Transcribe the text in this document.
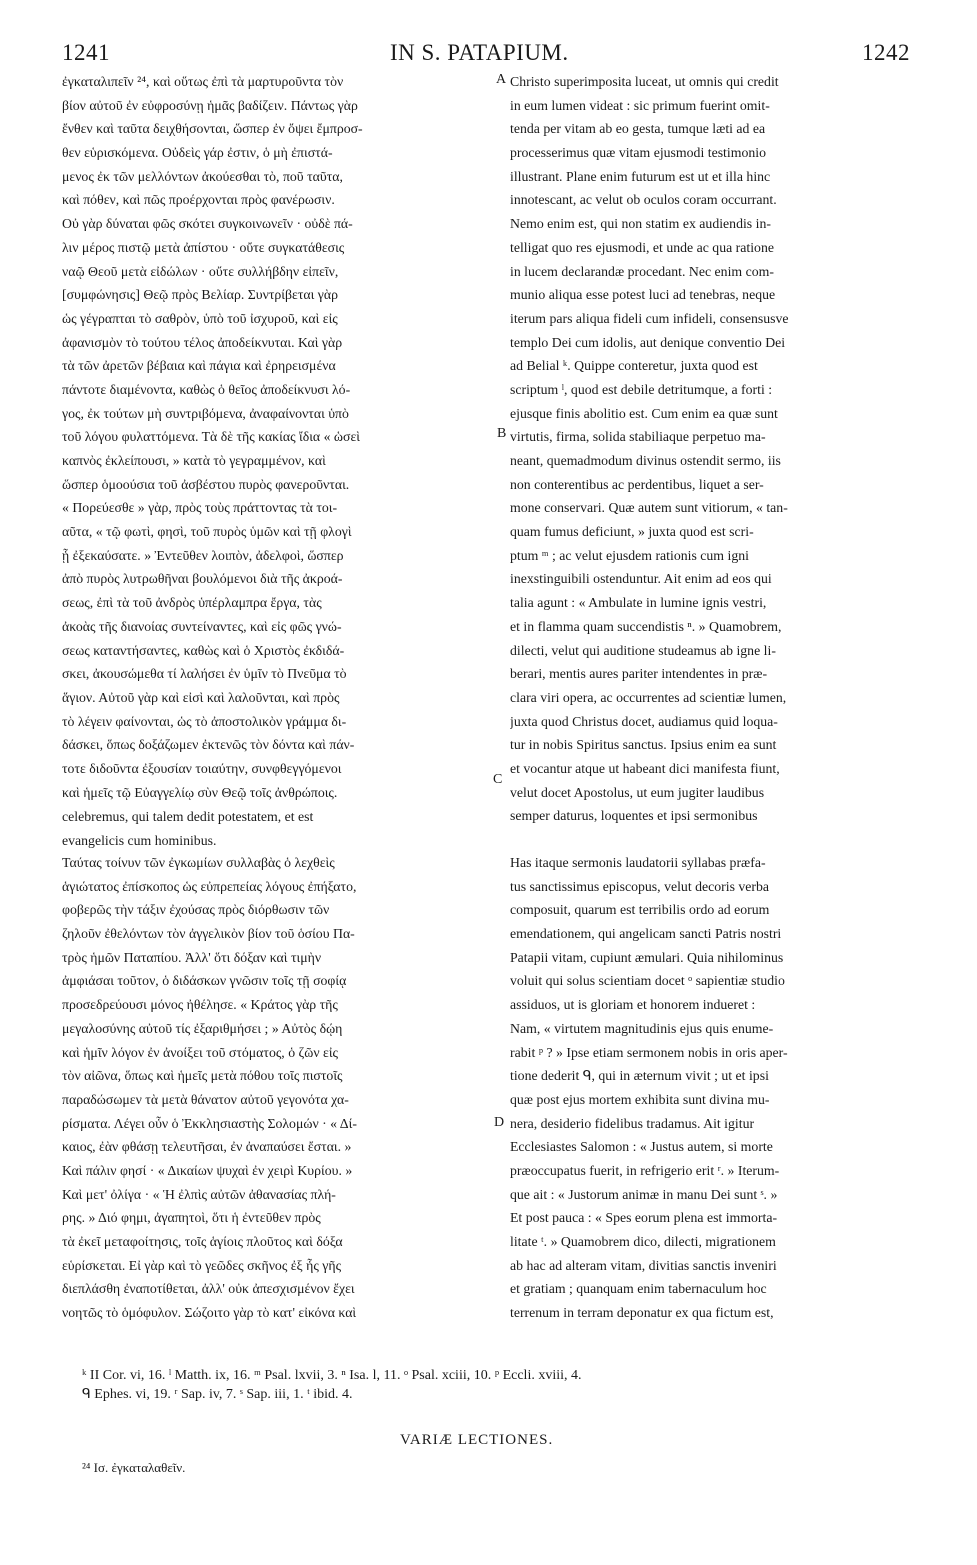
1241	IN S. PATAPIUM.	1242
ἐγκαταλιπεῖν ²⁴, καὶ οὕτως ἐπὶ τὰ μαρτυροῦντα τὸν
βίον αὐτοῦ ἐν εὐφροσύνῃ ἡμᾶς βαδίζειν. Πάντως γὰρ
ἔνθεν καὶ ταῦτα δειχθήσονται, ὥσπερ ἐν ὄψει ἔμπροσ-
θεν εὑρισκόμενα. Οὐδεὶς γάρ ἐστιν, ὁ μὴ ἐπιστά-
μενος ἐκ τῶν μελλόντων ἀκούεσθαι τὸ, ποῦ ταῦτα,
καὶ πόθεν, καὶ πῶς προέρχονται πρὸς φανέρωσιν.
Οὐ γὰρ δύναται φῶς σκότει συγκοινωνεῖν · οὐδὲ πά-
λιν μέρος πιστῷ μετὰ ἀπίστου · οὔτε συγκατάθεσις
ναῷ Θεοῦ μετὰ εἰδώλων · οὔτε συλλήβδην εἰπεῖν,
[συμφώνησις] Θεῷ πρὸς Βελίαρ. Συντρίβεται γὰρ
ὡς γέγραπται τὸ σαθρὸν, ὑπὸ τοῦ ἰσχυροῦ, καὶ εἰς
ἀφανισμὸν τὸ τούτου τέλος ἀποδείκνυται. Καὶ γὰρ
τὰ τῶν ἀρετῶν βέβαια καὶ πάγια καὶ ἐρηρεισμένα
πάντοτε διαμένοντα, καθὼς ὁ θεῖος ἀποδείκνυσι λό-
γος, ἐκ τούτων μὴ συντριβόμενα, ἀναφαίνονται ὑπὸ
τοῦ λόγου φυλαττόμενα. Τὰ δὲ τῆς κακίας ἴδια « ὡσεὶ
καπνὸς ἐκλείπουσι, » κατὰ τὸ γεγραμμένον, καὶ
ὥσπερ ὁμοούσια τοῦ ἀσβέστου πυρὸς φανεροῦνται.
« Πορεύεσθε » γὰρ, πρὸς τοὺς πράττοντας τὰ τοι-
αῦτα, « τῷ φωτὶ, φησὶ, τοῦ πυρὸς ὑμῶν καὶ τῇ φλογὶ
ᾗ ἐξεκαύσατε. » Ἐντεῦθεν λοιπὸν, ἀδελφοὶ, ὥσπερ
ἀπὸ πυρὸς λυτρωθῆναι βουλόμενοι διὰ τῆς ἀκροά-
σεως, ἐπὶ τὰ τοῦ ἀνδρὸς ὑπέρλαμπρα ἔργα, τὰς
ἀκοὰς τῆς διανοίας συντείναντες, καὶ εἰς φῶς γνώ-
σεως καταντήσαντες, καθὼς καὶ ὁ Χριστὸς ἐκδιδά-
σκει, ἀκουσώμεθα τί λαλήσει ἐν ὑμῖν τὸ Πνεῦμα τὸ
ἅγιον. Αὐτοῦ γὰρ καὶ εἰσὶ καὶ λαλοῦνται, καὶ πρὸς
τὸ λέγειν φαίνονται, ὡς τὸ ἀποστολικὸν γράμμα δι-
δάσκει, ὅπως δοξάζωμεν ἐκτενῶς τὸν δόντα καὶ πάν-
τοτε διδοῦντα ἐξουσίαν τοιαύτην, συνφθεγγόμενοι
καὶ ἡμεῖς τῷ Εὐαγγελίῳ σὺν Θεῷ τοῖς ἀνθρώποις.
Christo superimposita luceat, ut omnis qui credit
in eum lumen videat : sic primum fuerint omit-
tenda per vitam ab eo gesta, tumque læti ad ea
processerimus quæ vitam ejusmodi testimonio
illustrant. Plane enim futurum est ut et illa hinc
innotescant, ac velut ob oculos coram occurrant.
Nemo enim est, qui non statim ex audiendis in-
telligat quo res ejusmodi, et unde ac qua ratione
in lucem declarandæ procedant. Nec enim com-
munio aliqua esse potest luci ad tenebras, neque
iterum pars aliqua fideli cum infideli, consensusve
templo Dei cum idolis, aut denique conventio Dei
ad Belial ᵏ. Quippe conteretur, juxta quod est
scriptum ˡ, quod est debile detritumque, a forti :
ejusque finis abolitio est. Cum enim ea quæ sunt
virtutis, firma, solida stabiliaque perpetuo ma-
neant, quemadmodum divinus ostendit sermo, iis
non conterentibus ac perdentibus, liquet a ser-
mone conservari. Quæ autem sunt vitiorum, « tan-
quam fumus deficiunt, » juxta quod est scri-
ptum ᵐ ; ac velut ejusdem rationis cum igni
inexstinguibili ostenduntur. Ait enim ad eos qui
talia agunt : « Ambulate in lumine ignis vestri,
et in flamma quam succendistis ⁿ. » Quamobrem,
dilecti, velut qui auditione studeamus ab igne li-
berari, mentis aures pariter intendentes in præ-
clara viri opera, ac occurrentes ad scientiæ lumen,
juxta quod Christus docet, audiamus quid loqua-
tur in nobis Spiritus sanctus. Ipsius enim ea sunt
et vocantur atque ut habeant dici manifesta fiunt,
velut docet Apostolus, ut eum jugiter laudibus
semper daturus, loquentes et ipsi sermonibus
celebremus, qui talem dedit potestatem, et est
evangelicis cum hominibus.
Ταύτας τοίνυν τῶν ἐγκωμίων συλλαβὰς ὁ λεχθεὶς
ἁγιώτατος ἐπίσκοπος ὡς εὐπρεπείας λόγους ἐπήξατο,
φοβερῶς τὴν τάξιν ἐχούσας πρὸς διόρθωσιν τῶν
ζηλοῦν ἐθελόντων τὸν ἀγγελικὸν βίον τοῦ ὁσίου Πα-
τρὸς ἡμῶν Παταπίου. Ἀλλ' ὅτι δόξαν καὶ τιμὴν
ἀμφιάσαι τοῦτον, ὁ διδάσκων γνῶσιν τοῖς τῇ σοφίᾳ
προσεδρεύουσι μόνος ἠθέλησε. « Κράτος γὰρ τῆς
μεγαλοσύνης αὐτοῦ τίς ἐξαριθμήσει ; » Αὐτὸς δῴη
καὶ ἡμῖν λόγον ἐν ἀνοίξει τοῦ στόματος, ὁ ζῶν εἰς
τὸν αἰῶνα, ὅπως καὶ ἡμεῖς μετὰ πόθου τοῖς πιστοῖς
παραδώσωμεν τὰ μετὰ θάνατον αὐτοῦ γεγονότα χα-
ρίσματα. Λέγει οὖν ὁ Ἐκκλησιαστὴς Σολομών · « Δί-
καιος, ἐὰν φθάσῃ τελευτῆσαι, ἐν ἀναπαύσει ἔσται. »
Καὶ πάλιν φησί · « Δικαίων ψυχαὶ ἐν χειρὶ Κυρίου. »
Καὶ μετ' ὀλίγα · « Ἡ ἐλπὶς αὐτῶν ἀθανασίας πλή-
ρης. » Διό φημι, ἀγαπητοὶ, ὅτι ἡ ἐντεῦθεν πρὸς
τὰ ἐκεῖ μεταφοίτησις, τοῖς ἁγίοις πλοῦτος καὶ δόξα
εὑρίσκεται. Εἰ γὰρ καὶ τὸ γεῶδες σκῆνος ἐξ ἧς γῆς
διεπλάσθη ἐναποτίθεται, ἀλλ' οὐκ ἀπεσχισμένον ἔχει
νοητῶς τὸ ὁμόφυλον. Σώζοιτο γὰρ τὸ κατ' εἰκόνα καὶ
Has itaque sermonis laudatorii syllabas præfa-
tus sanctissimus episcopus, velut decoris verba
composuit, quarum est terribilis ordo ad eorum
emendationem, qui angelicam sancti Patris nostri
Patapii vitam, cupiunt æmulari. Quia nihilominus
voluit qui solus scientiam docet ᵒ sapientiæ studio
assiduos, ut is gloriam et honorem indueret :
Nam, « virtutem magnitudinis ejus quis enume-
rabit ᵖ ? » Ipse etiam sermonem nobis in oris aper-
tione dederit ᑫ, qui in æternum vivit ; ut et ipsi
quæ post ejus mortem exhibita sunt divina mu-
nera, desiderio fidelibus tradamus. Ait igitur
Ecclesiastes Salomon : « Justus autem, si morte
præoccupatus fuerit, in refrigerio erit ʳ. » Iterum-
que ait : « Justorum animæ in manu Dei sunt ˢ. »
Et post pauca : « Spes eorum plena est immorta-
litate ᵗ. » Quamobrem dico, dilecti, migrationem
ab hac ad alteram vitam, divitias sanctis inveniri
et gratiam ; quanquam enim tabernaculum hoc
terrenum in terram deponatur ex qua fictum est,
A
B
C
D
ᵏ II Cor. vi, 16. ˡ Matth. ix, 16. ᵐ Psal. lxvii, 3. ⁿ Isa. l, 11. ᵒ Psal. xciii, 10. ᵖ Eccli. xviii, 4.
ᑫ Ephes. vi, 19. ʳ Sap. iv, 7. ˢ Sap. iii, 1. ᵗ ibid. 4.
VARIÆ LECTIONES.
²⁴ Ισ. ἐγκαταλαθεῖν.
